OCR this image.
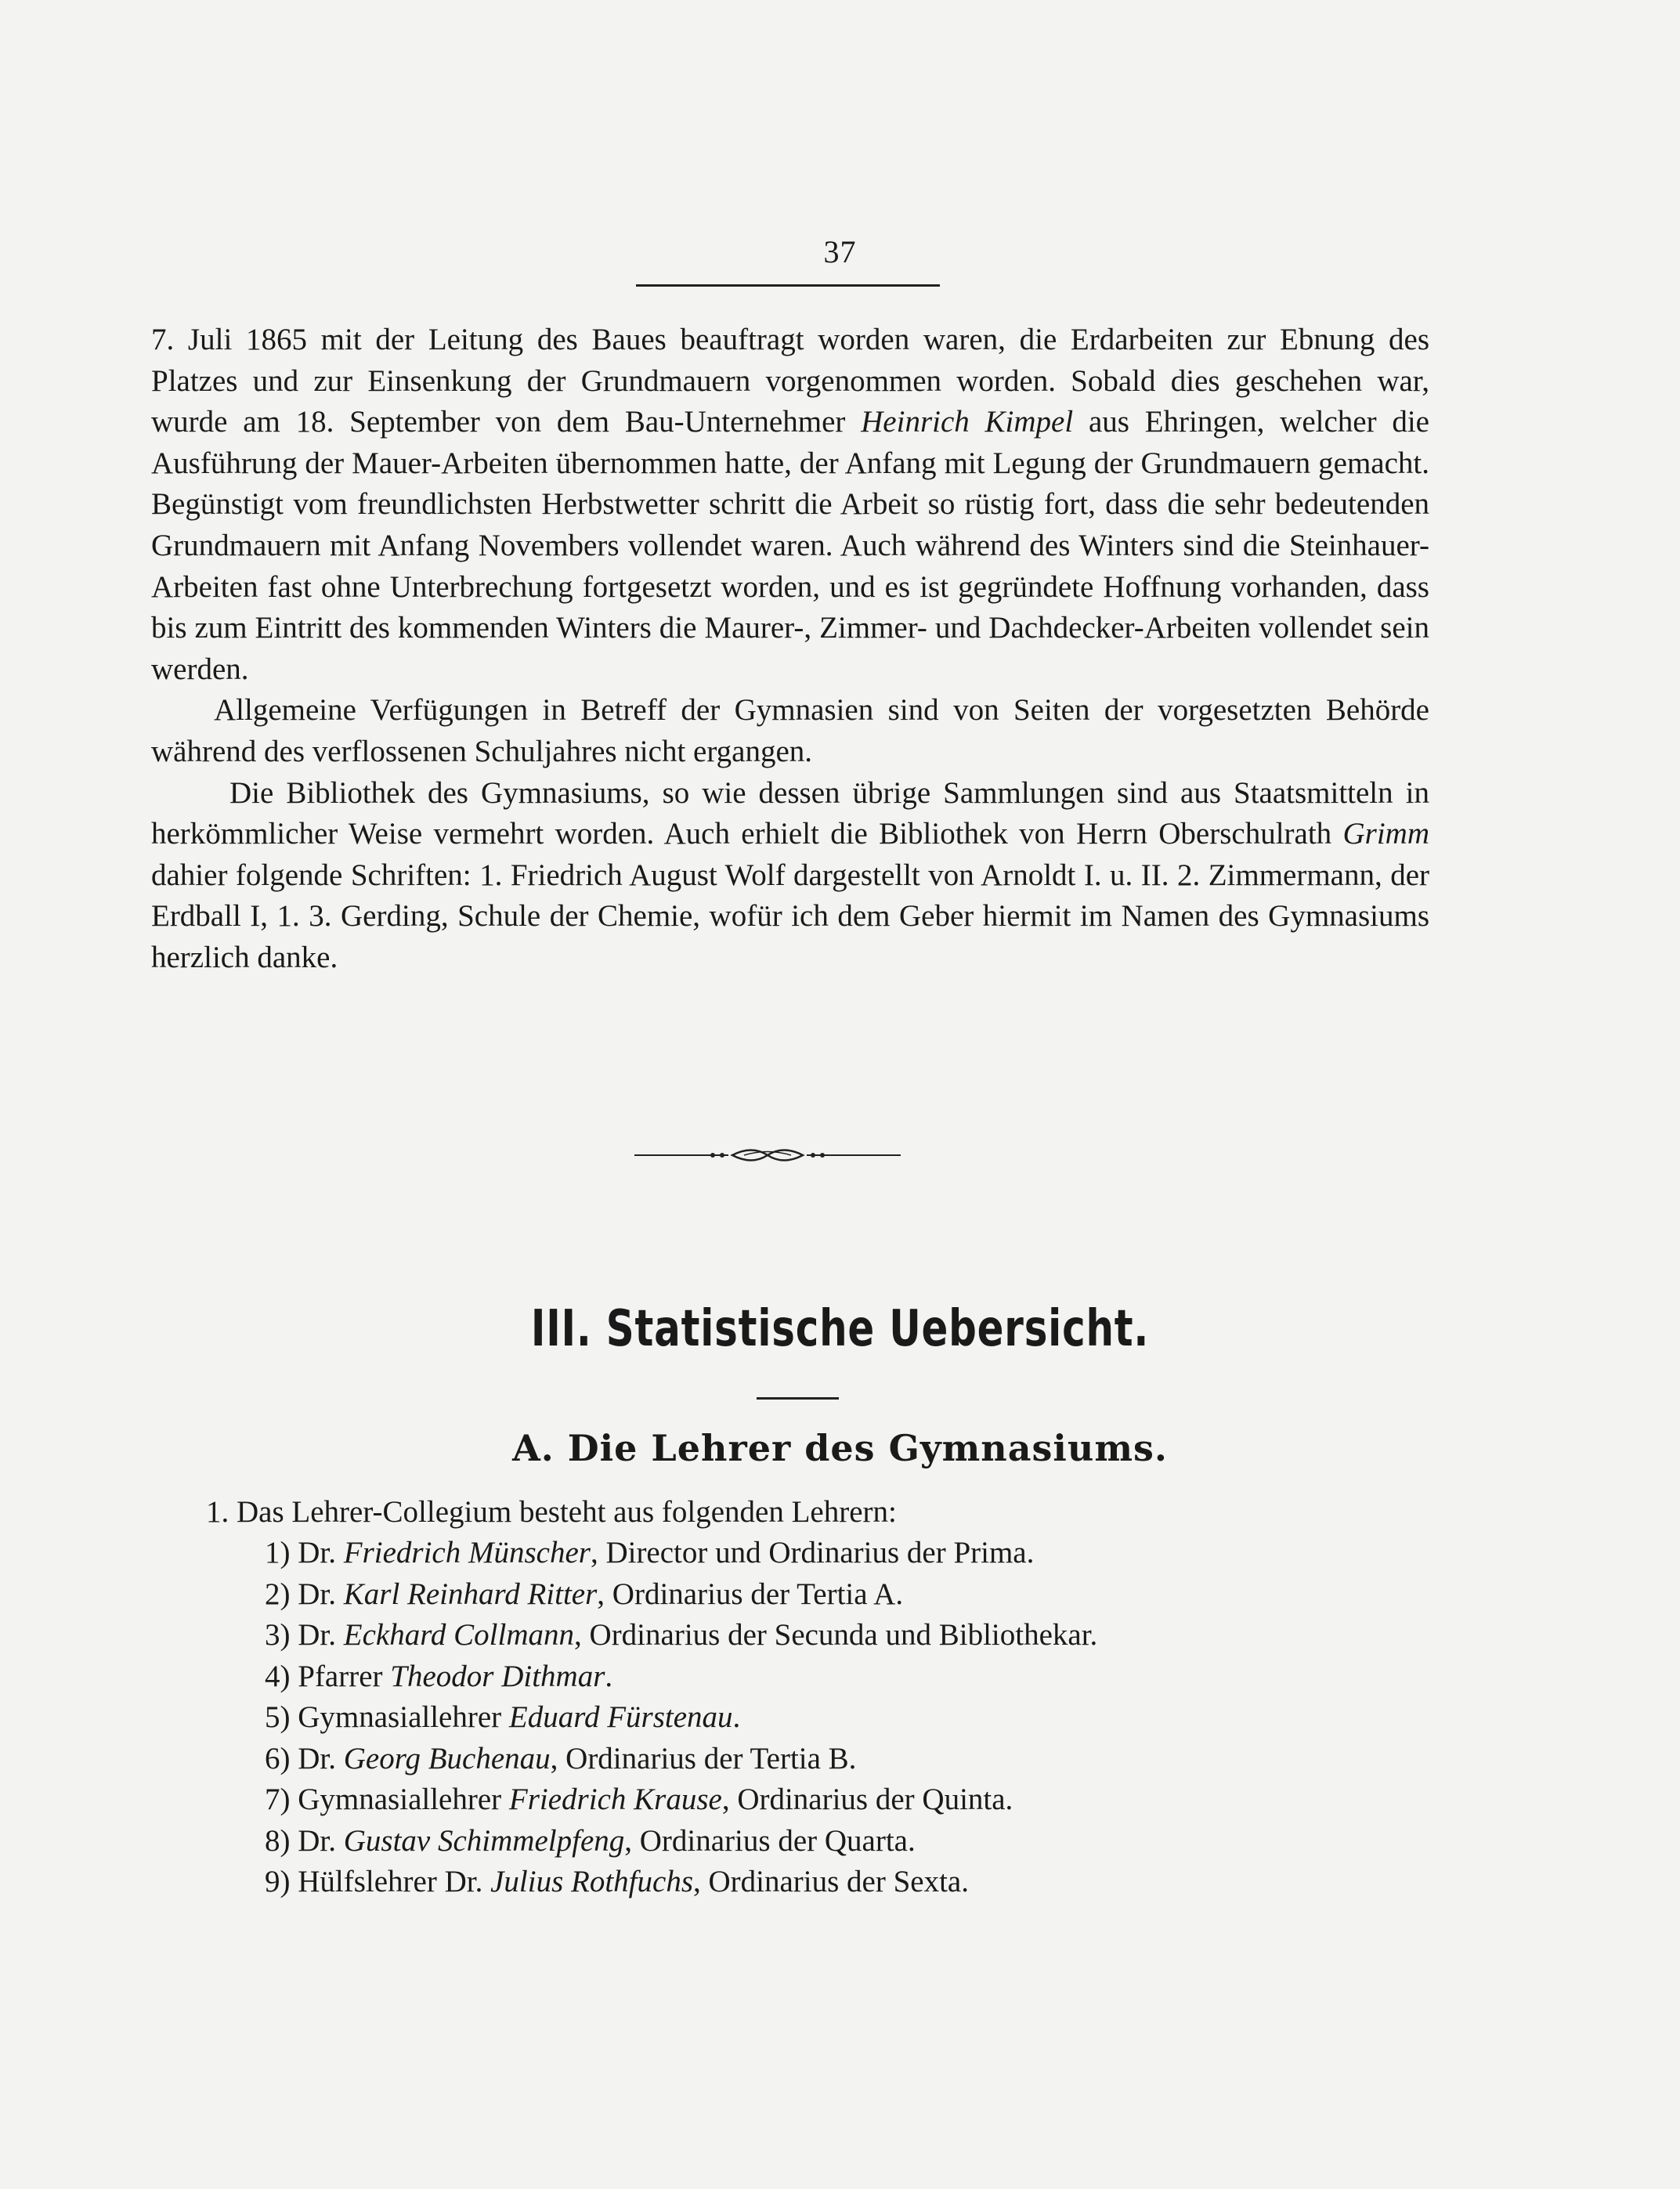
37

7. Juli 1865 mit der Leitung des Baues beauftragt worden waren, die Erdarbeiten zur Ebnung des Platzes und zur Einsenkung der Grundmauern vorgenommen worden. Sobald dies geschehen war, wurde am 18. September von dem Bau-Unternehmer Heinrich Kimpel aus Ehringen, welcher die Ausführung der Mauer-Arbeiten übernommen hatte, der Anfang mit Legung der Grundmauern gemacht. Begünstigt vom freundlichsten Herbstwetter schritt die Arbeit so rüstig fort, dass die sehr bedeutenden Grundmauern mit Anfang Novembers vollendet waren. Auch während des Winters sind die Steinhauer-Arbeiten fast ohne Unterbrechung fortgesetzt worden, und es ist gegründete Hoffnung vorhanden, dass bis zum Eintritt des kommenden Winters die Maurer-, Zimmer- und Dachdecker-Arbeiten vollendet sein werden.

Allgemeine Verfügungen in Betreff der Gymnasien sind von Seiten der vorgesetzten Behörde während des verflossenen Schuljahres nicht ergangen.

Die Bibliothek des Gymnasiums, so wie dessen übrige Sammlungen sind aus Staatsmitteln in herkömmlicher Weise vermehrt worden. Auch erhielt die Bibliothek von Herrn Oberschulrath Grimm dahier folgende Schriften: 1. Friedrich August Wolf dargestellt von Arnoldt I. u. II. 2. Zimmermann, der Erdball I, 1. 3. Gerding, Schule der Chemie, wofür ich dem Geber hiermit im Namen des Gymnasiums herzlich danke.

III. Statistische Uebersicht.
A. Die Lehrer des Gymnasiums.
1. Das Lehrer-Collegium besteht aus folgenden Lehrern:
1) Dr. Friedrich Münscher, Director und Ordinarius der Prima.
2) Dr. Karl Reinhard Ritter, Ordinarius der Tertia A.
3) Dr. Eckhard Collmann, Ordinarius der Secunda und Bibliothekar.
4) Pfarrer Theodor Dithmar.
5) Gymnasiallehrer Eduard Fürstenau.
6) Dr. Georg Buchenau, Ordinarius der Tertia B.
7) Gymnasiallehrer Friedrich Krause, Ordinarius der Quinta.
8) Dr. Gustav Schimmelpfeng, Ordinarius der Quarta.
9) Hülfslehrer Dr. Julius Rothfuchs, Ordinarius der Sexta.
